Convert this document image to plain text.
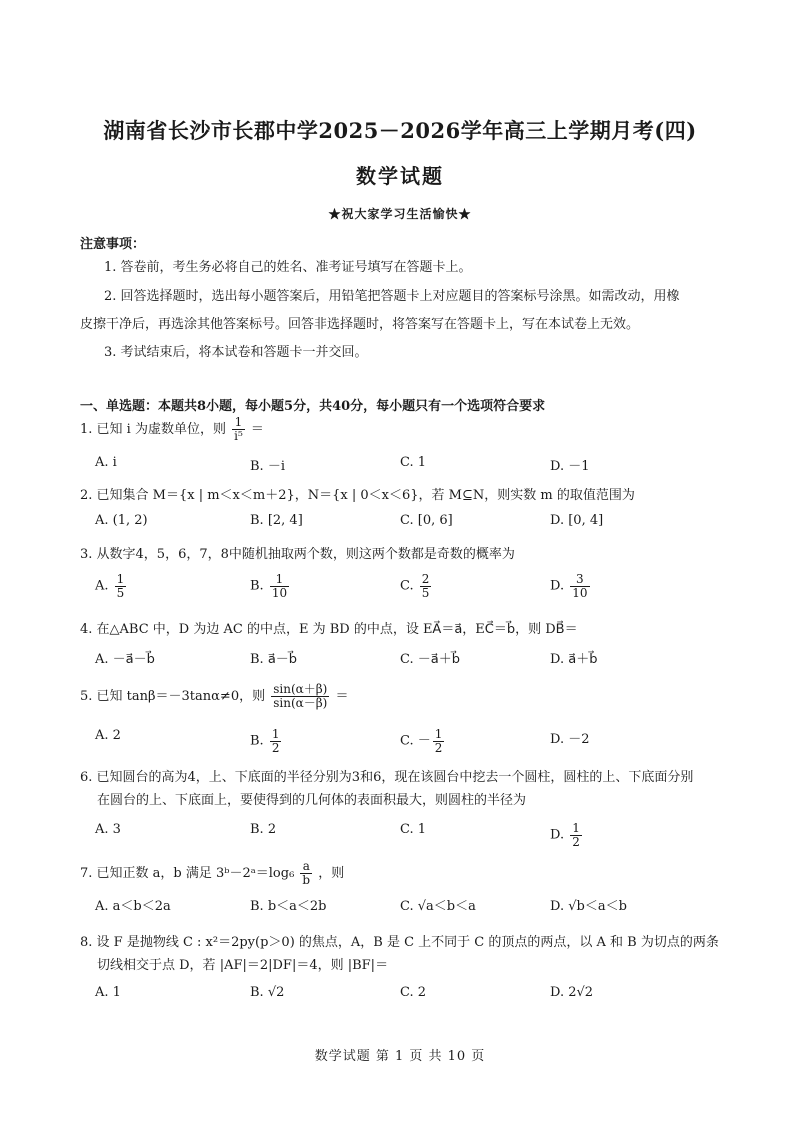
湖南省长沙市长郡中学2025－2026学年高三上学期月考(四)
数学试题
★祝大家学习生活愉快★
注意事项：
1. 答卷前，考生务必将自己的姓名、准考证号填写在答题卡上。
2. 回答选择题时，选出每小题答案后，用铅笔把答题卡上对应题目的答案标号涂黑。如需改动，用橡
皮擦干净后，再选涂其他答案标号。回答非选择题时，将答案写在答题卡上，写在本试卷上无效。
3. 考试结束后，将本试卷和答题卡一并交回。
一、单选题：本题共8小题，每小题5分，共40分，每小题只有一个选项符合要求
1. 已知 i 为虚数单位，则 $\frac{1}{\text{i⁵}}$ ＝
A. i	B. －i	C. 1	D. －1
2. 已知集合 M＝{x | m＜x＜m＋2}，N＝{x | 0＜x＜6}，若 M⊆N，则实数 m 的取值范围为
A. (1, 2)	B. [2, 4]	C. [0, 6]	D. [0, 4]
3. 从数字4，5，6，7，8中随机抽取两个数，则这两个数都是奇数的概率为
A. $\frac{1}{5}$	B. $\frac{1}{10}$	C. $\frac{2}{5}$	D. $\frac{3}{10}$
4. 在△ABC 中，D 为边 AC 的中点，E 为 BD 的中点，设 EA⃗＝a⃗，EC⃗＝b⃗，则 DB⃗＝
A. －a⃗－b⃗	B. a⃗－b⃗	C. －a⃗＋b⃗	D. a⃗＋b⃗
5. 已知 tanβ＝－3tanα≠0，则 $\frac{\sin(\alpha+\beta)}{\sin(\alpha-\beta)}$ ＝
A. 2	B. $\frac{1}{2}$	C. － $\frac{1}{2}$	D. －2
6. 已知圆台的高为4，上、下底面的半径分别为3和6，现在该圆台中挖去一个圆柱，圆柱的上、下底面分别
在圆台的上、下底面上，要使得到的几何体的表面积最大，则圆柱的半径为
A. 3	B. 2	C. 1	D. $\frac{1}{2}$
7. 已知正数 a，b 满足 3ᵇ－2ᵃ＝log₆ $\frac{a}{b}$ ，则
A. a＜b＜2a	B. b＜a＜2b	C. √a＜b＜a	D. √b＜a＜b
8. 设 F 是抛物线 C : x²＝2py(p＞0) 的焦点，A，B 是 C 上不同于 C 的顶点的两点，以 A 和 B 为切点的两条
切线相交于点 D，若 |AF|＝2|DF|＝4，则 |BF|＝
A. 1	B. √2	C. 2	D. 2√2
数学试题 第 1 页 共 10 页
